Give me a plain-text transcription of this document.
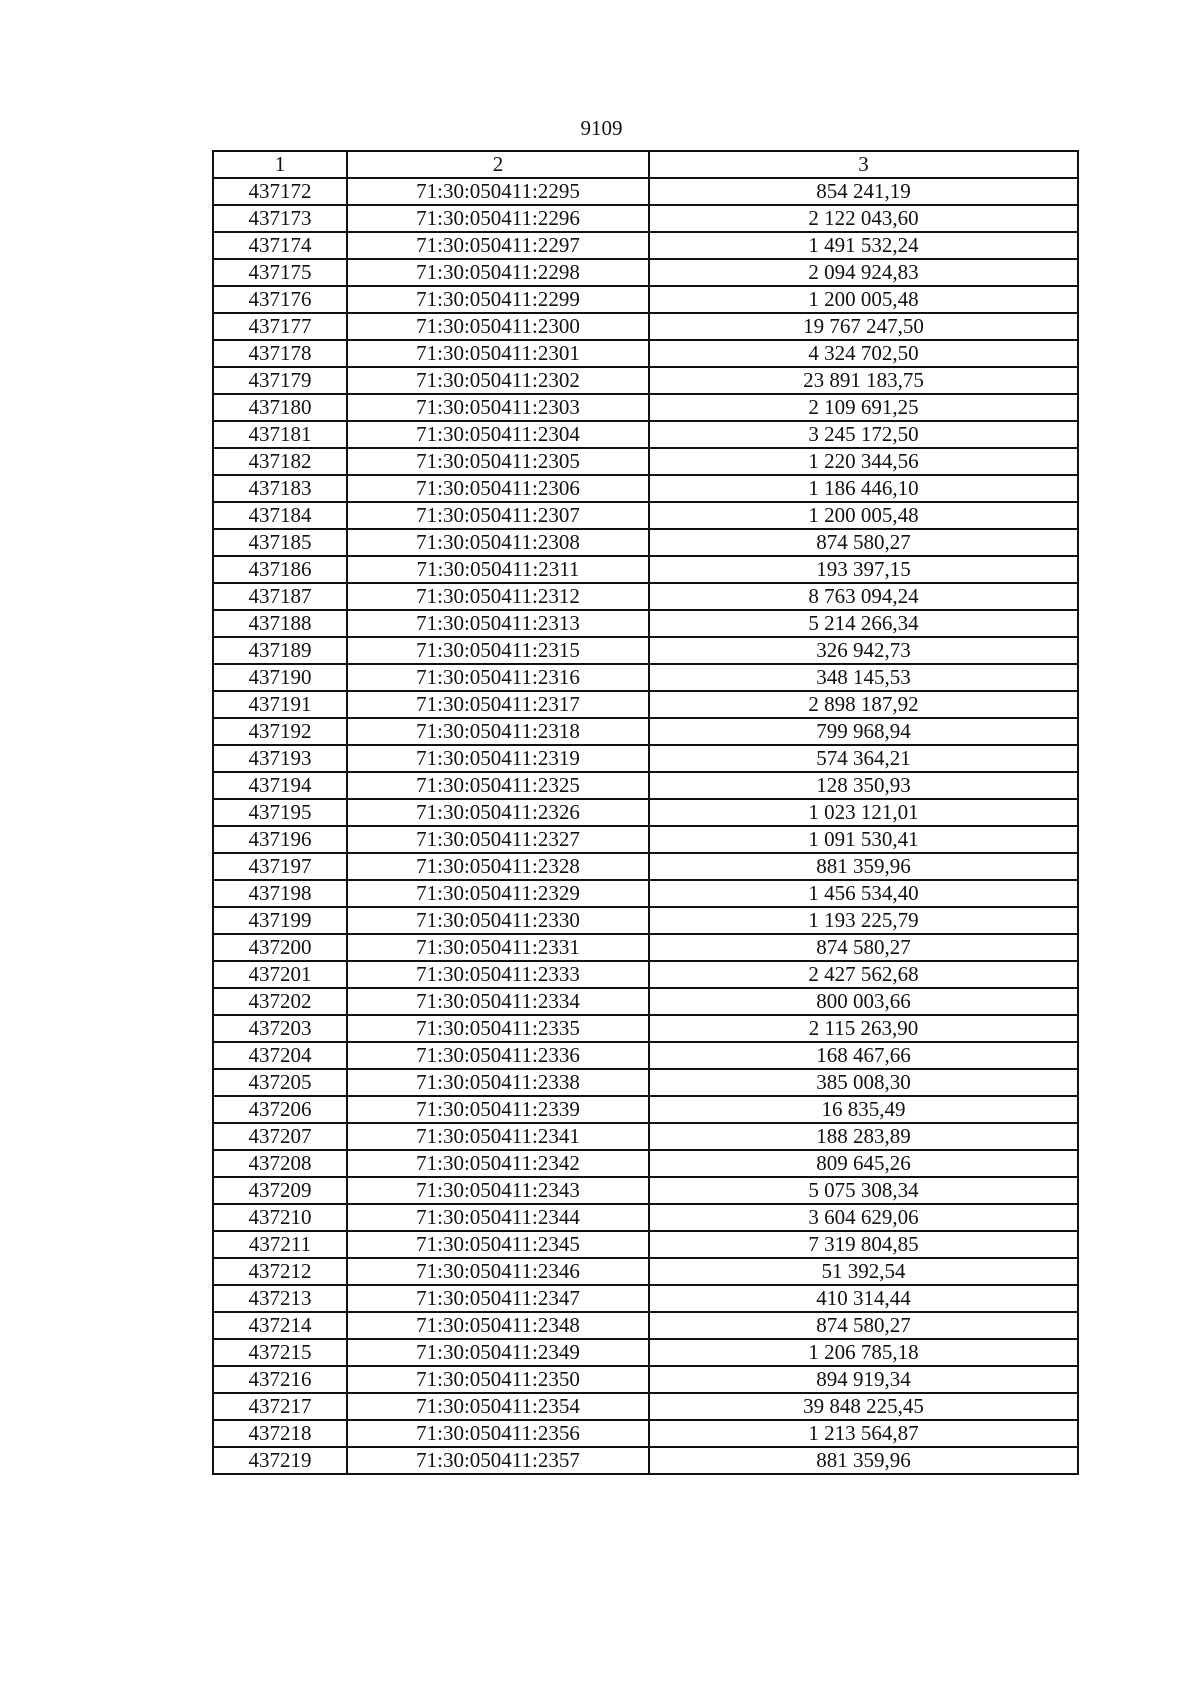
9109
1	2	3
437172	71:30:050411:2295	854 241,19
437173	71:30:050411:2296	2 122 043,60
437174	71:30:050411:2297	1 491 532,24
437175	71:30:050411:2298	2 094 924,83
437176	71:30:050411:2299	1 200 005,48
437177	71:30:050411:2300	19 767 247,50
437178	71:30:050411:2301	4 324 702,50
437179	71:30:050411:2302	23 891 183,75
437180	71:30:050411:2303	2 109 691,25
437181	71:30:050411:2304	3 245 172,50
437182	71:30:050411:2305	1 220 344,56
437183	71:30:050411:2306	1 186 446,10
437184	71:30:050411:2307	1 200 005,48
437185	71:30:050411:2308	874 580,27
437186	71:30:050411:2311	193 397,15
437187	71:30:050411:2312	8 763 094,24
437188	71:30:050411:2313	5 214 266,34
437189	71:30:050411:2315	326 942,73
437190	71:30:050411:2316	348 145,53
437191	71:30:050411:2317	2 898 187,92
437192	71:30:050411:2318	799 968,94
437193	71:30:050411:2319	574 364,21
437194	71:30:050411:2325	128 350,93
437195	71:30:050411:2326	1 023 121,01
437196	71:30:050411:2327	1 091 530,41
437197	71:30:050411:2328	881 359,96
437198	71:30:050411:2329	1 456 534,40
437199	71:30:050411:2330	1 193 225,79
437200	71:30:050411:2331	874 580,27
437201	71:30:050411:2333	2 427 562,68
437202	71:30:050411:2334	800 003,66
437203	71:30:050411:2335	2 115 263,90
437204	71:30:050411:2336	168 467,66
437205	71:30:050411:2338	385 008,30
437206	71:30:050411:2339	16 835,49
437207	71:30:050411:2341	188 283,89
437208	71:30:050411:2342	809 645,26
437209	71:30:050411:2343	5 075 308,34
437210	71:30:050411:2344	3 604 629,06
437211	71:30:050411:2345	7 319 804,85
437212	71:30:050411:2346	51 392,54
437213	71:30:050411:2347	410 314,44
437214	71:30:050411:2348	874 580,27
437215	71:30:050411:2349	1 206 785,18
437216	71:30:050411:2350	894 919,34
437217	71:30:050411:2354	39 848 225,45
437218	71:30:050411:2356	1 213 564,87
437219	71:30:050411:2357	881 359,96
